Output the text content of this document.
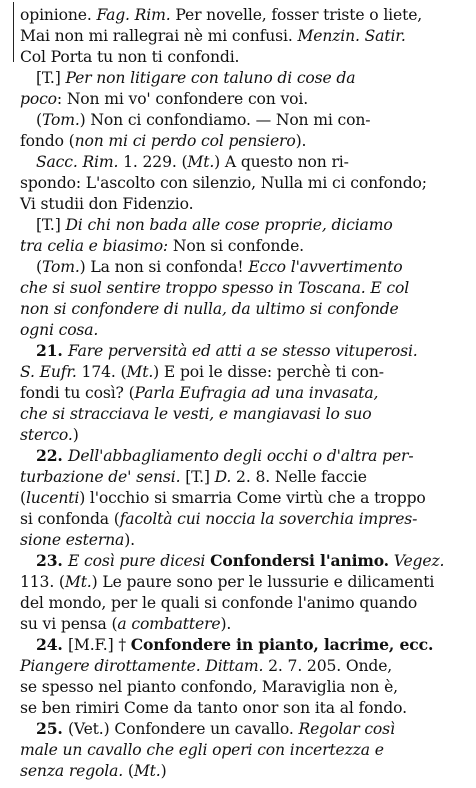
opinione. Fag. Rim. Per novelle, fosser triste o liete,
Mai non mi rallegrai nè mi confusi. Menzin. Satir.
Col Porta tu non ti confondi.
[T.] Per non litigare con taluno di cose da
poco: Non mi vo' confondere con voi.
(Tom.) Non ci confondiamo. — Non mi con-
fondo (non mi ci perdo col pensiero).
Sacc. Rim. 1. 229. (Mt.) A questo non ri-
spondo: L'ascolto con silenzio, Nulla mi ci confondo;
Vi studii don Fidenzio.
[T.] Di chi non bada alle cose proprie, diciamo
tra celia e biasimo: Non si confonde.
(Tom.) La non si confonda! Ecco l'avvertimento
che si suol sentire troppo spesso in Toscana. E col
non si confondere di nulla, da ultimo si confonde
ogni cosa.
21. Fare perversità ed atti a se stesso vituperosi.
S. Eufr. 174. (Mt.) E poi le disse: perchè ti con-
fondi tu così? (Parla Eufragia ad una invasata,
che si stracciava le vesti, e mangiavasi lo suo
sterco.)
22. Dell'abbagliamento degli occhi o d'altra per-
turbazione de' sensi. [T.] D. 2. 8. Nelle faccie
(lucenti) l'occhio si smarria Come virtù che a troppo
si confonda (facoltà cui noccia la soverchia impres-
sione esterna).
23. E così pure dicesi Confondersi l'animo. Vegez.
113. (Mt.) Le paure sono per le lussurie e dilicamenti
del mondo, per le quali si confonde l'animo quando
su vi pensa (a combattere).
24. [M.F.] † Confondere in pianto, lacrime, ecc.
Piangere dirottamente. Dittam. 2. 7. 205. Onde,
se spesso nel pianto confondo, Maraviglia non è,
se ben rimiri Come da tanto onor son ita al fondo.
25. (Vet.) Confondere un cavallo. Regolar così
male un cavallo che egli operi con incertezza e
senza regola. (Mt.)
